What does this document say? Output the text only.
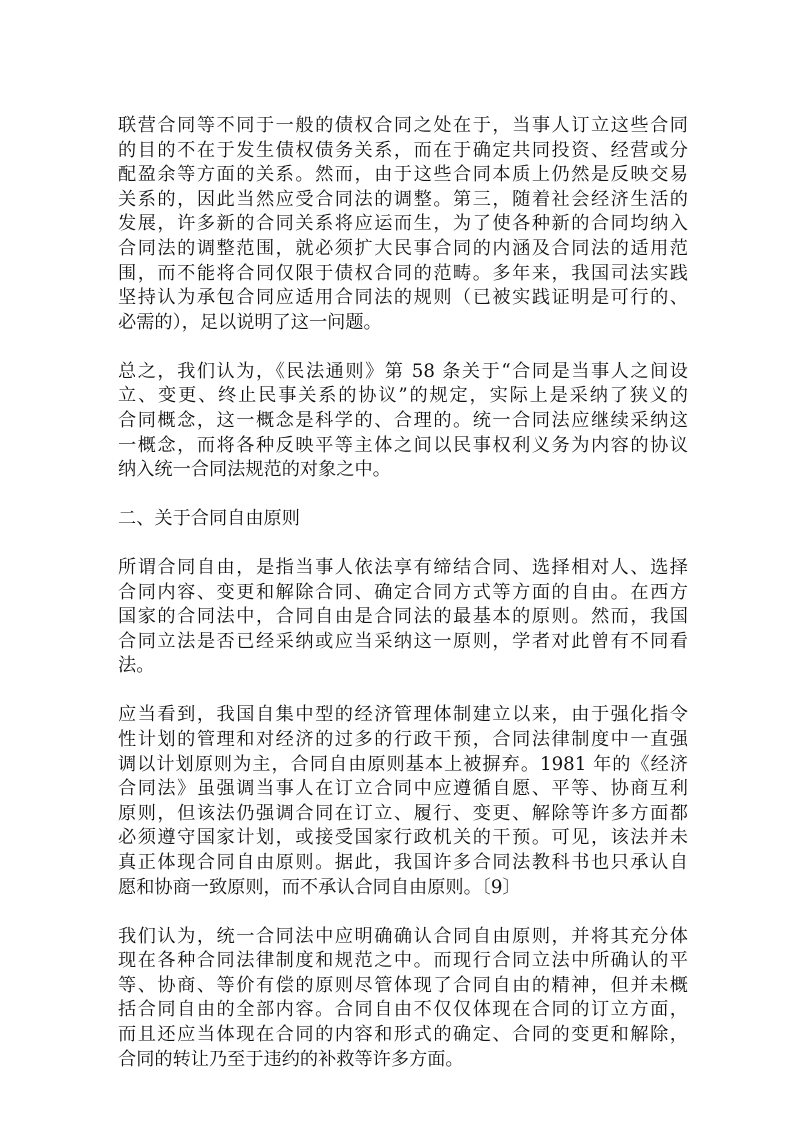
联营合同等不同于一般的债权合同之处在于，当事人订立这些合同
的目的不在于发生债权债务关系，而在于确定共同投资、经营或分
配盈余等方面的关系。然而，由于这些合同本质上仍然是反映交易
关系的，因此当然应受合同法的调整。第三，随着社会经济生活的
发展，许多新的合同关系将应运而生，为了使各种新的合同均纳入
合同法的调整范围，就必须扩大民事合同的内涵及合同法的适用范
围，而不能将合同仅限于债权合同的范畴。多年来，我国司法实践
坚持认为承包合同应适用合同法的规则（已被实践证明是可行的、
必需的），足以说明了这一问题。

总之，我们认为，《民法通则》第 58 条关于“合同是当事人之间设
立、变更、终止民事关系的协议”的规定，实际上是采纳了狭义的
合同概念，这一概念是科学的、合理的。统一合同法应继续采纳这
一概念，而将各种反映平等主体之间以民事权利义务为内容的协议
纳入统一合同法规范的对象之中。

二、关于合同自由原则

所谓合同自由，是指当事人依法享有缔结合同、选择相对人、选择
合同内容、变更和解除合同、确定合同方式等方面的自由。在西方
国家的合同法中，合同自由是合同法的最基本的原则。然而，我国
合同立法是否已经采纳或应当采纳这一原则，学者对此曾有不同看
法。

应当看到，我国自集中型的经济管理体制建立以来，由于强化指令
性计划的管理和对经济的过多的行政干预，合同法律制度中一直强
调以计划原则为主，合同自由原则基本上被摒弃。1981 年的《经济
合同法》虽强调当事人在订立合同中应遵循自愿、平等、协商互利
原则，但该法仍强调合同在订立、履行、变更、解除等许多方面都
必须遵守国家计划，或接受国家行政机关的干预。可见，该法并未
真正体现合同自由原则。据此，我国许多合同法教科书也只承认自
愿和协商一致原则，而不承认合同自由原则。〔9〕

我们认为，统一合同法中应明确确认合同自由原则，并将其充分体
现在各种合同法律制度和规范之中。而现行合同立法中所确认的平
等、协商、等价有偿的原则尽管体现了合同自由的精神，但并未概
括合同自由的全部内容。合同自由不仅仅体现在合同的订立方面，
而且还应当体现在合同的内容和形式的确定、合同的变更和解除，
合同的转让乃至于违约的补救等许多方面。
